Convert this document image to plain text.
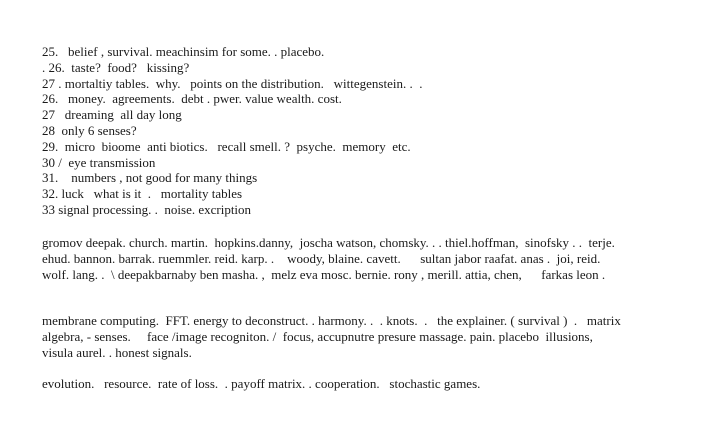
25.   belief , survival. meachinsim for some. . placebo.
. 26.  taste?  food?   kissing?
27 . mortaltiy tables.  why.   points on the distribution.   wittegenstein. .  .
26.   money.  agreements.  debt . pwer. value wealth. cost.
27   dreaming  all day long
28  only 6 senses?
29.  micro  bioome  anti biotics.   recall smell. ?  psyche.  memory  etc.
30 /  eye transmission
31.    numbers , not good for many things
32. luck   what is it  .   mortality tables
33 signal processing. .  noise. excription
gromov deepak. church. martin.  hopkins.danny,  joscha watson, chomsky. . . thiel.hoffman,  sinofsky . .  terje.
ehud. bannon. barrak. ruemmler. reid. karp. .    woody, blaine. cavett.      sultan jabor raafat. anas .  joi, reid.
wolf. lang. .  \ deepakbarnaby ben masha. ,  melz eva mosc. bernie. rony , merill. attia, chen,      farkas leon .
membrane computing.  FFT. energy to deconstruct. . harmony. .  . knots.  .   the explainer. ( survival )  .   matrix
algebra, - senses.     face /image recogniton. /  focus, accupnutre presure massage. pain. placebo  illusions,
visula aurel. . honest signals.
evolution.   resource.  rate of loss.  . payoff matrix. . cooperation.   stochastic games.
